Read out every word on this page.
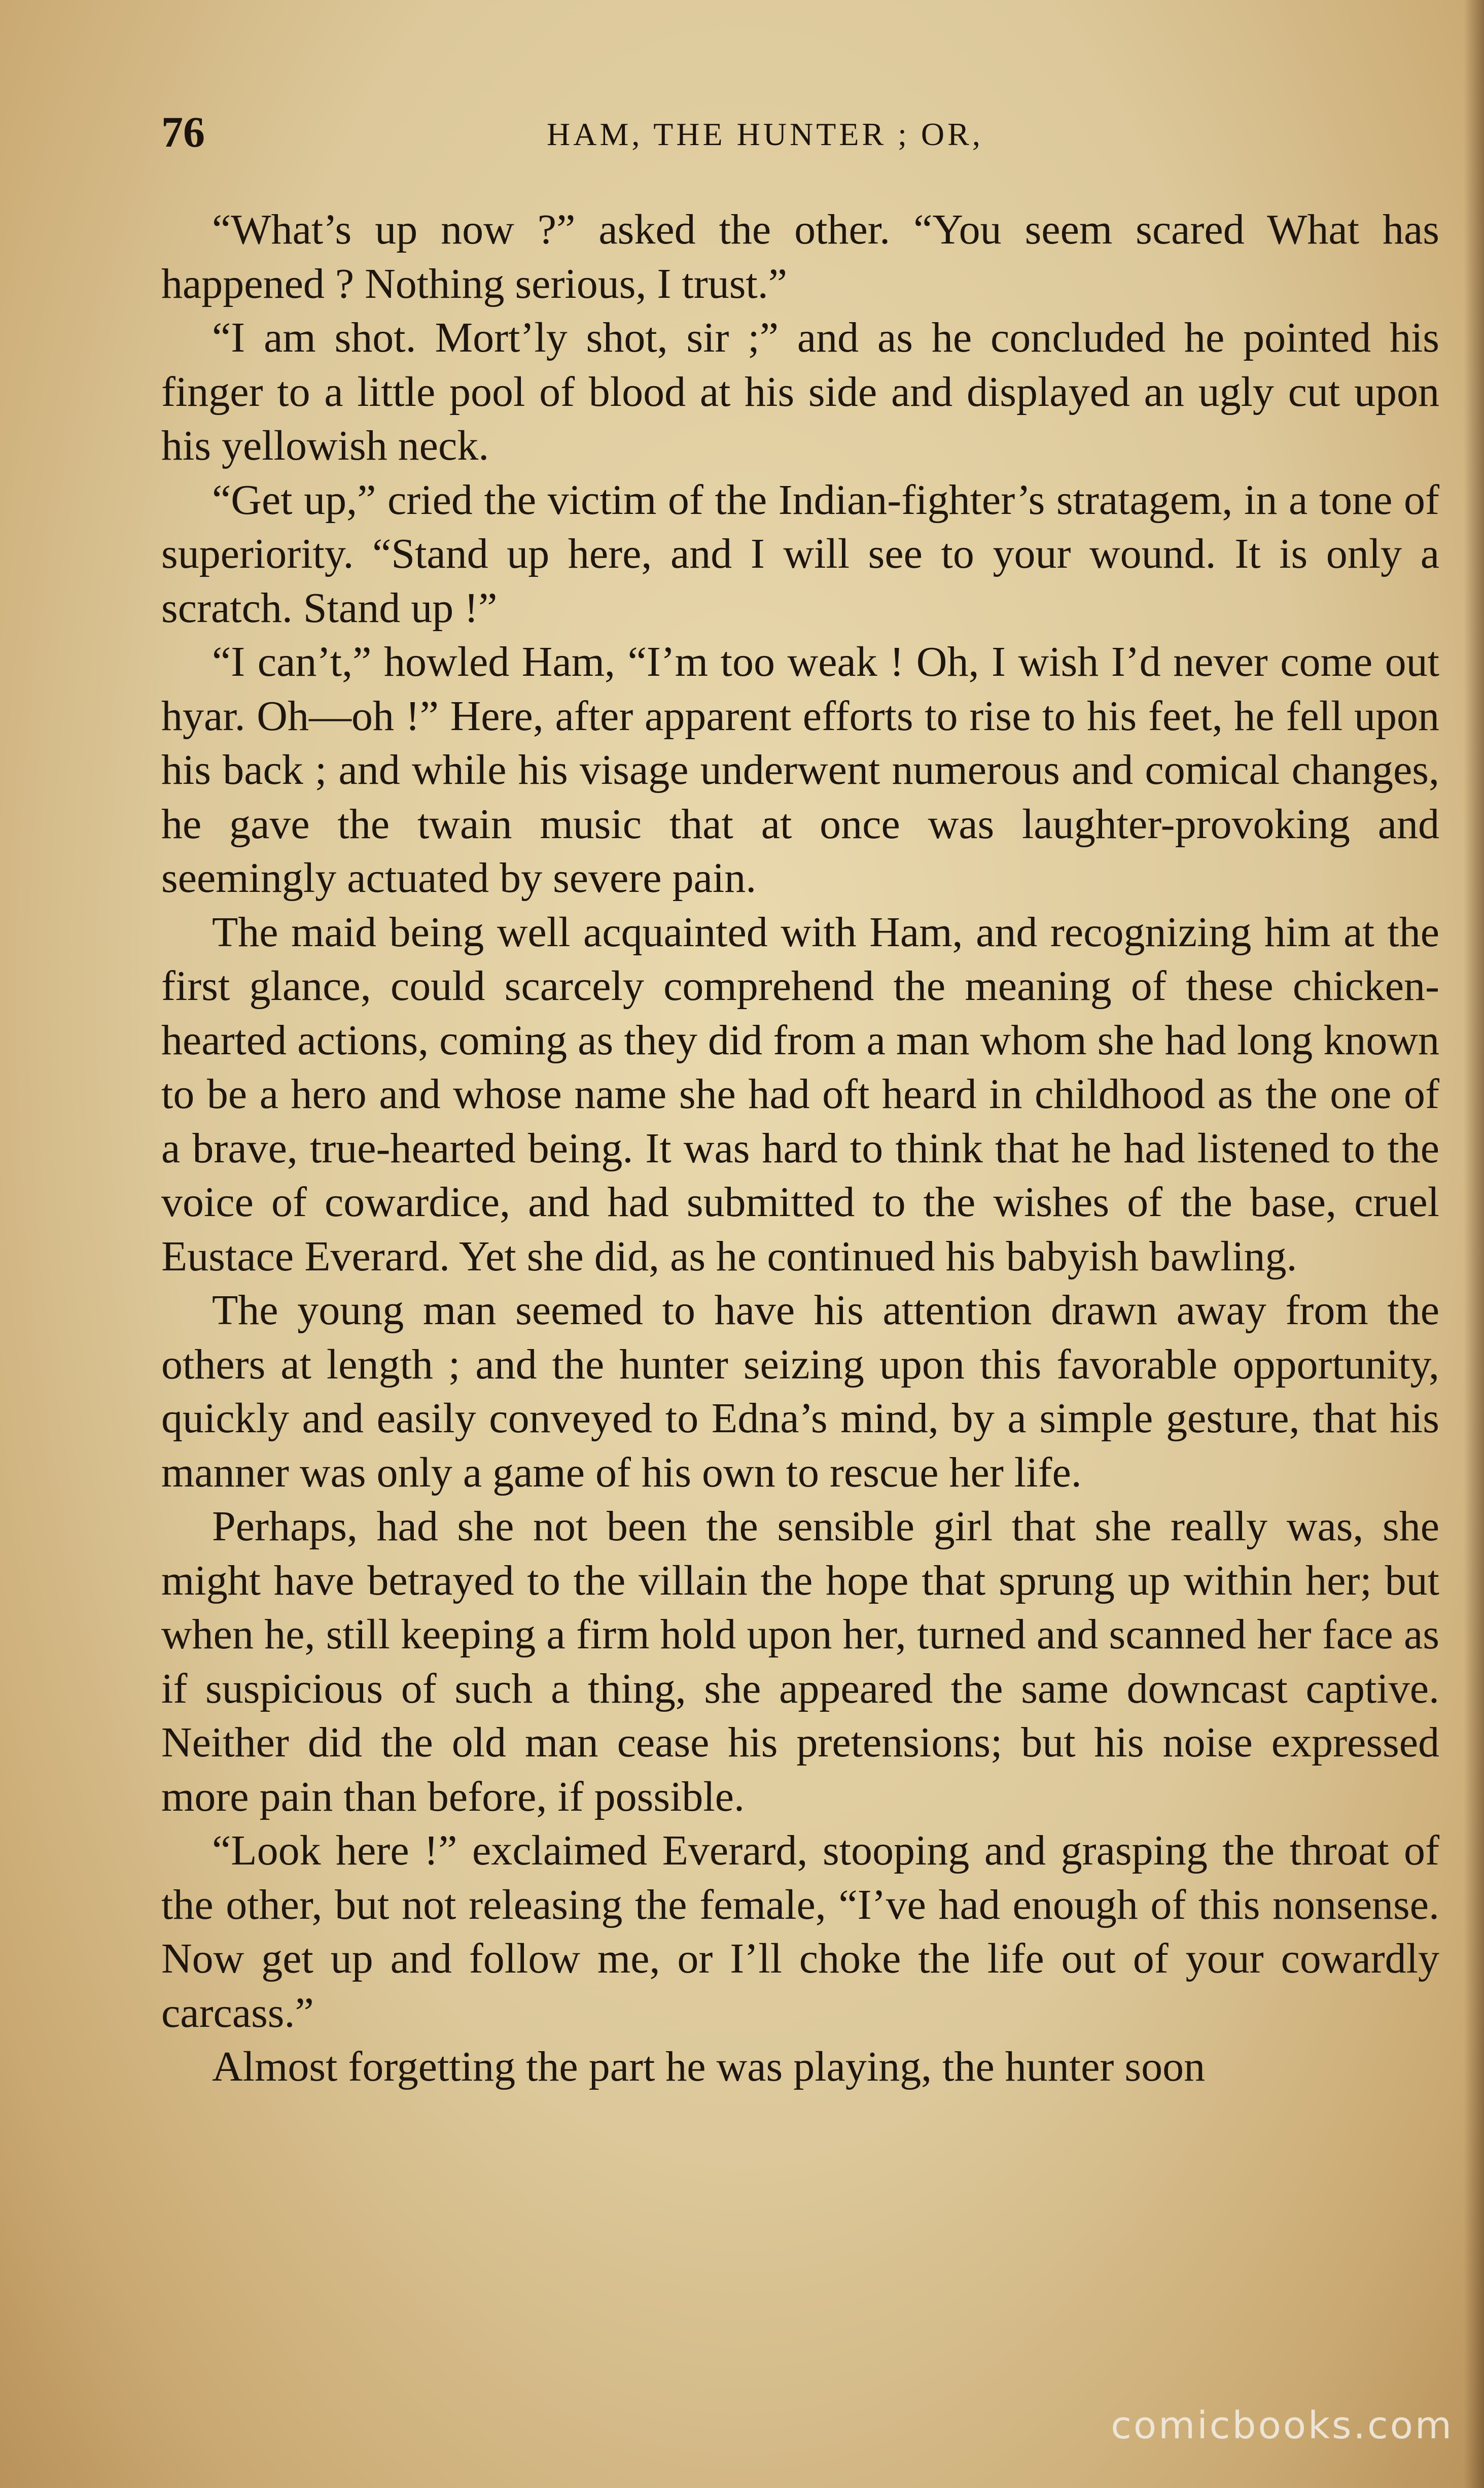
76	HAM, THE HUNTER ; OR,

“What’s up now ?” asked the other. “You seem scared What has happened ? Nothing serious, I trust.”

“I am shot. Mort’ly shot, sir ;” and as he concluded he pointed his finger to a little pool of blood at his side and displayed an ugly cut upon his yellowish neck.

“Get up,” cried the victim of the Indian-fighter’s stratagem, in a tone of superiority. “Stand up here, and I will see to your wound. It is only a scratch. Stand up !”

“I can’t,” howled Ham, “I’m too weak ! Oh, I wish I’d never come out hyar. Oh—oh !” Here, after apparent efforts to rise to his feet, he fell upon his back ; and while his visage underwent numerous and comical changes, he gave the twain music that at once was laughter-provoking and seemingly actuated by severe pain.

The maid being well acquainted with Ham, and recognizing him at the first glance, could scarcely comprehend the meaning of these chicken-hearted actions, coming as they did from a man whom she had long known to be a hero and whose name she had oft heard in childhood as the one of a brave, true-hearted being. It was hard to think that he had listened to the voice of cowardice, and had submitted to the wishes of the base, cruel Eustace Everard. Yet she did, as he continued his babyish bawling.

The young man seemed to have his attention drawn away from the others at length ; and the hunter seizing upon this favorable opportunity, quickly and easily conveyed to Edna’s mind, by a simple gesture, that his manner was only a game of his own to rescue her life.

Perhaps, had she not been the sensible girl that she really was, she might have betrayed to the villain the hope that sprung up within her; but when he, still keeping a firm hold upon her, turned and scanned her face as if suspicious of such a thing, she appeared the same downcast captive. Neither did the old man cease his pretensions; but his noise expressed more pain than before, if possible.

“Look here !” exclaimed Everard, stooping and grasping the throat of the other, but not releasing the female, “I’ve had enough of this nonsense. Now get up and follow me, or I’ll choke the life out of your cowardly carcass.”

Almost forgetting the part he was playing, the hunter soon

comicbooks.com
